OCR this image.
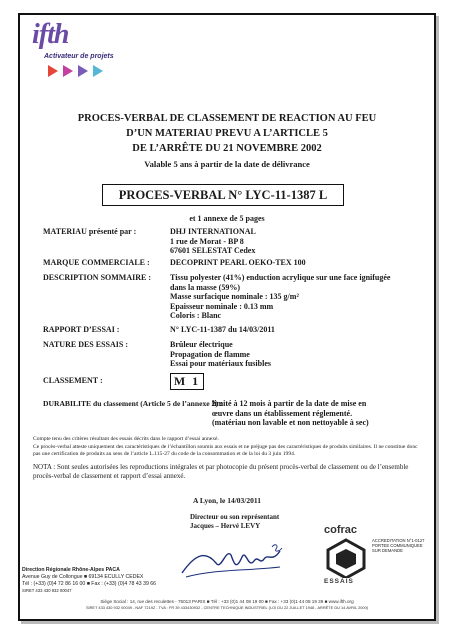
ifth
Activateur de projets
PROCES-VERBAL DE CLASSEMENT DE REACTION AU FEU
D’UN MATERIAU PREVU A L’ARTICLE 5
DE L’ARRÊTE DU 21 NOVEMBRE 2002
Valable 5 ans à partir de la date de délivrance
PROCES-VERBAL N° LYC-11-1387 L
et 1 annexe de 5 pages
MATERIAU présenté par :	DHJ INTERNATIONAL
1 rue de Morat - BP 8
67601 SELESTAT Cedex
MARQUE COMMERCIALE :	DECOPRINT PEARL OEKO-TEX 100
DESCRIPTION SOMMAIRE : Tissu polyester (41%) enduction acrylique sur une face ignifugée
dans la masse (59%)
Masse surfacique nominale : 135 g/m²
Epaisseur nominale : 0.13 mm
Coloris : Blanc
RAPPORT D’ESSAI :	N° LYC-11-1387 du 14/03/2011
NATURE DES ESSAIS :	Brûleur électrique
Propagation de flamme
Essai pour matériaux fusibles
CLASSEMENT :	M 1
DURABILITE du classement (Article 5 de l’annexe 2) :
limité à 12 mois à partir de la date de mise en
œuvre dans un établissement réglementé.
(matériau non lavable et non nettoyable à sec)
Compte tenu des critères résultant des essais décrits dans le rapport d’essai annexé.
Ce procès-verbal atteste uniquement des caractéristiques de l’échantillon soumis aux essais et ne préjuge pas des caractéristiques de produits similaires. Il ne constitue donc pas une certification de produits au sens de l’article L.115-27 du code de la consommation et de la loi du 3 juin 1994.
NOTA : Sont seules autorisées les reproductions intégrales et par photocopie du présent procès-verbal de classement ou de l’ensemble procès-verbal de classement et rapport d’essai annexé.
A Lyon, le 14/03/2011
Directeur ou son représentant
Jacques – Hervé LEVY	cofrac
ESSAIS
ACCREDITATION N°1-0127 PORTEE COMMUNIQUEE SUR DEMANDE
Direction Régionale Rhône-Alpes PACA
Avenue Guy de Collongue ■ 69134 ECULLY CEDEX
Tél : (+33) (0)4 72 86 16 00 ■ Fax : (+33) (0)4 78 43 39 66
SIRET 433 430 932 00047
Siège Social : 14, rue des reculettes - 75013 PARIS ■ Tél : +33 (0)1 44 08 19 00 ■ Fax : +33 (0)1 44 08 19 39 ■ www.ifth.org
SIRET 433 430 932 00049 - NAF 7219Z - TVA : FR 39 433430932 - CENTRE TECHNIQUE INDUSTRIEL (LOI DU 22 JUILLET 1948 - ARRÊTE DU 14 AVRIL 2000)
